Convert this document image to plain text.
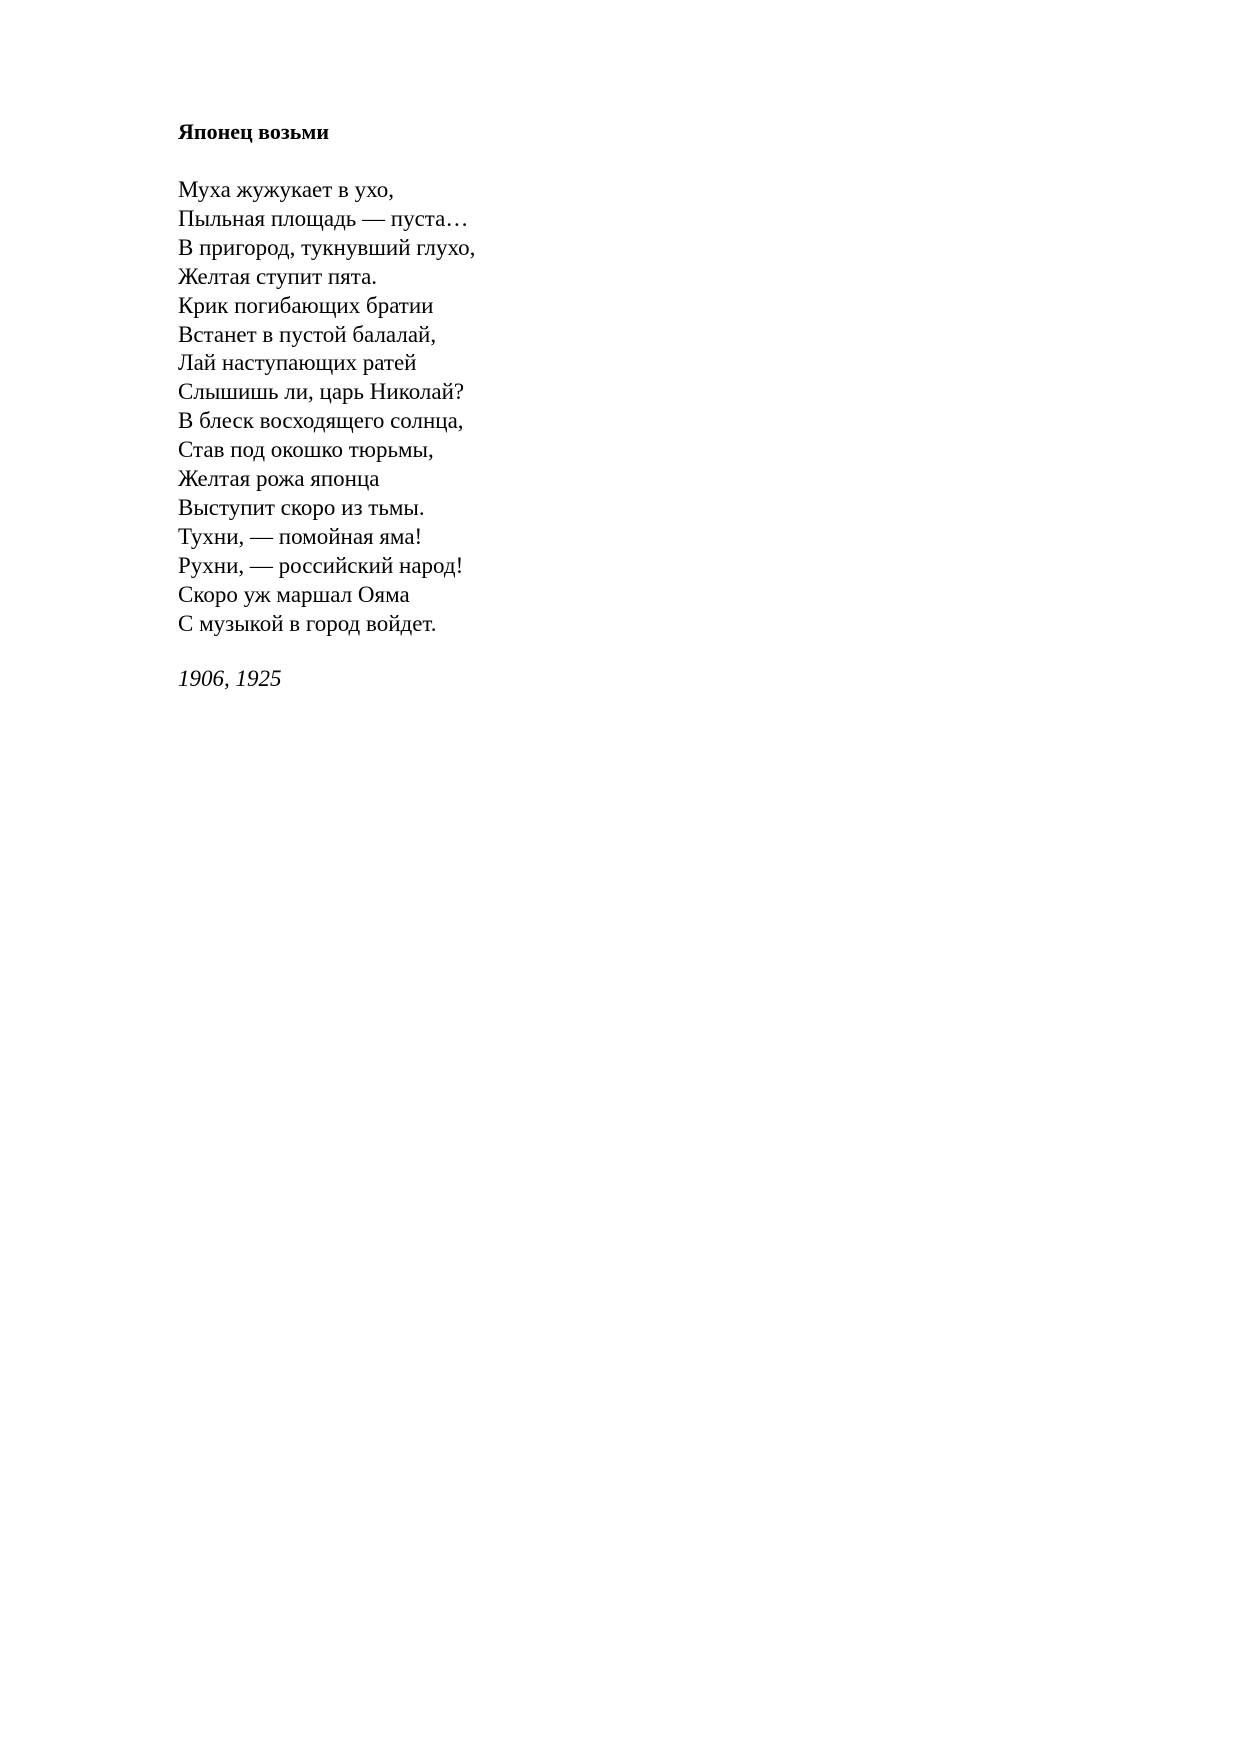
Японец возьми
Муха жужукает в ухо,
Пыльная площадь — пуста…
В пригород, тукнувший глухо,
Желтая ступит пята.
Крик погибающих братии
Встанет в пустой балалай,
Лай наступающих ратей
Слышишь ли, царь Николай?
В блеск восходящего солнца,
Став под окошко тюрьмы,
Желтая рожа японца
Выступит скоро из тьмы.
Тухни, — помойная яма!
Рухни, — российский народ!
Скоро уж маршал Ояма
С музыкой в город войдет.
1906, 1925
